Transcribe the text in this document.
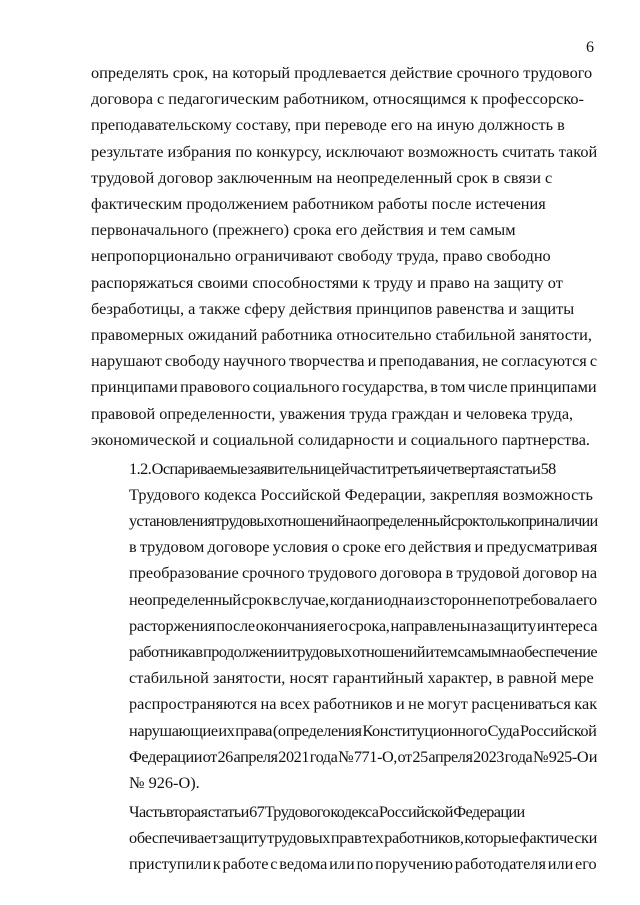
6

определять срок, на который продлевается действие срочного трудового
договора с педагогическим работником, относящимся к профессорско-
преподавательскому составу, при переводе его на иную должность в
результате избрания по конкурсу, исключают возможность считать такой
трудовой договор заключенным на неопределенный срок в связи с
фактическим продолжением работником работы после истечения
первоначального (прежнего) срока его действия и тем самым
непропорционально ограничивают свободу труда, право свободно
распоряжаться своими способностями к труду и право на защиту от
безработицы, а также сферу действия принципов равенства и защиты
правомерных ожиданий работника относительно стабильной занятости,
нарушают свободу научного творчества и преподавания, не согласуются с
принципами правового социального государства, в том числе принципами
правовой определенности, уважения труда граждан и человека труда,
экономической и социальной солидарности и социального партнерства.

1.2. Оспариваемые заявительницей части третья и четвертая статьи 58
Трудового кодекса Российской Федерации, закрепляя возможность
установления трудовых отношений на определенный срок только при наличии
в трудовом договоре условия о сроке его действия и предусматривая
преобразование срочного трудового договора в трудовой договор на
неопределенный срок в случае, когда ни одна из сторон не потребовала его
расторжения после окончания его срока, направлены на защиту интереса
работника в продолжении трудовых отношений и тем самым на обеспечение
стабильной занятости, носят гарантийный характер, в равной мере
распространяются на всех работников и не могут расцениваться как
нарушающие их права (определения Конституционного Суда Российской
Федерации от 26 апреля 2021 года № 771-О, от 25 апреля 2023 года № 925-О и
№ 926-О).

Часть вторая статьи 67 Трудового кодекса Российской Федерации
обеспечивает защиту трудовых прав тех работников, которые фактически
приступили к работе с ведома или по поручению работодателя или его
